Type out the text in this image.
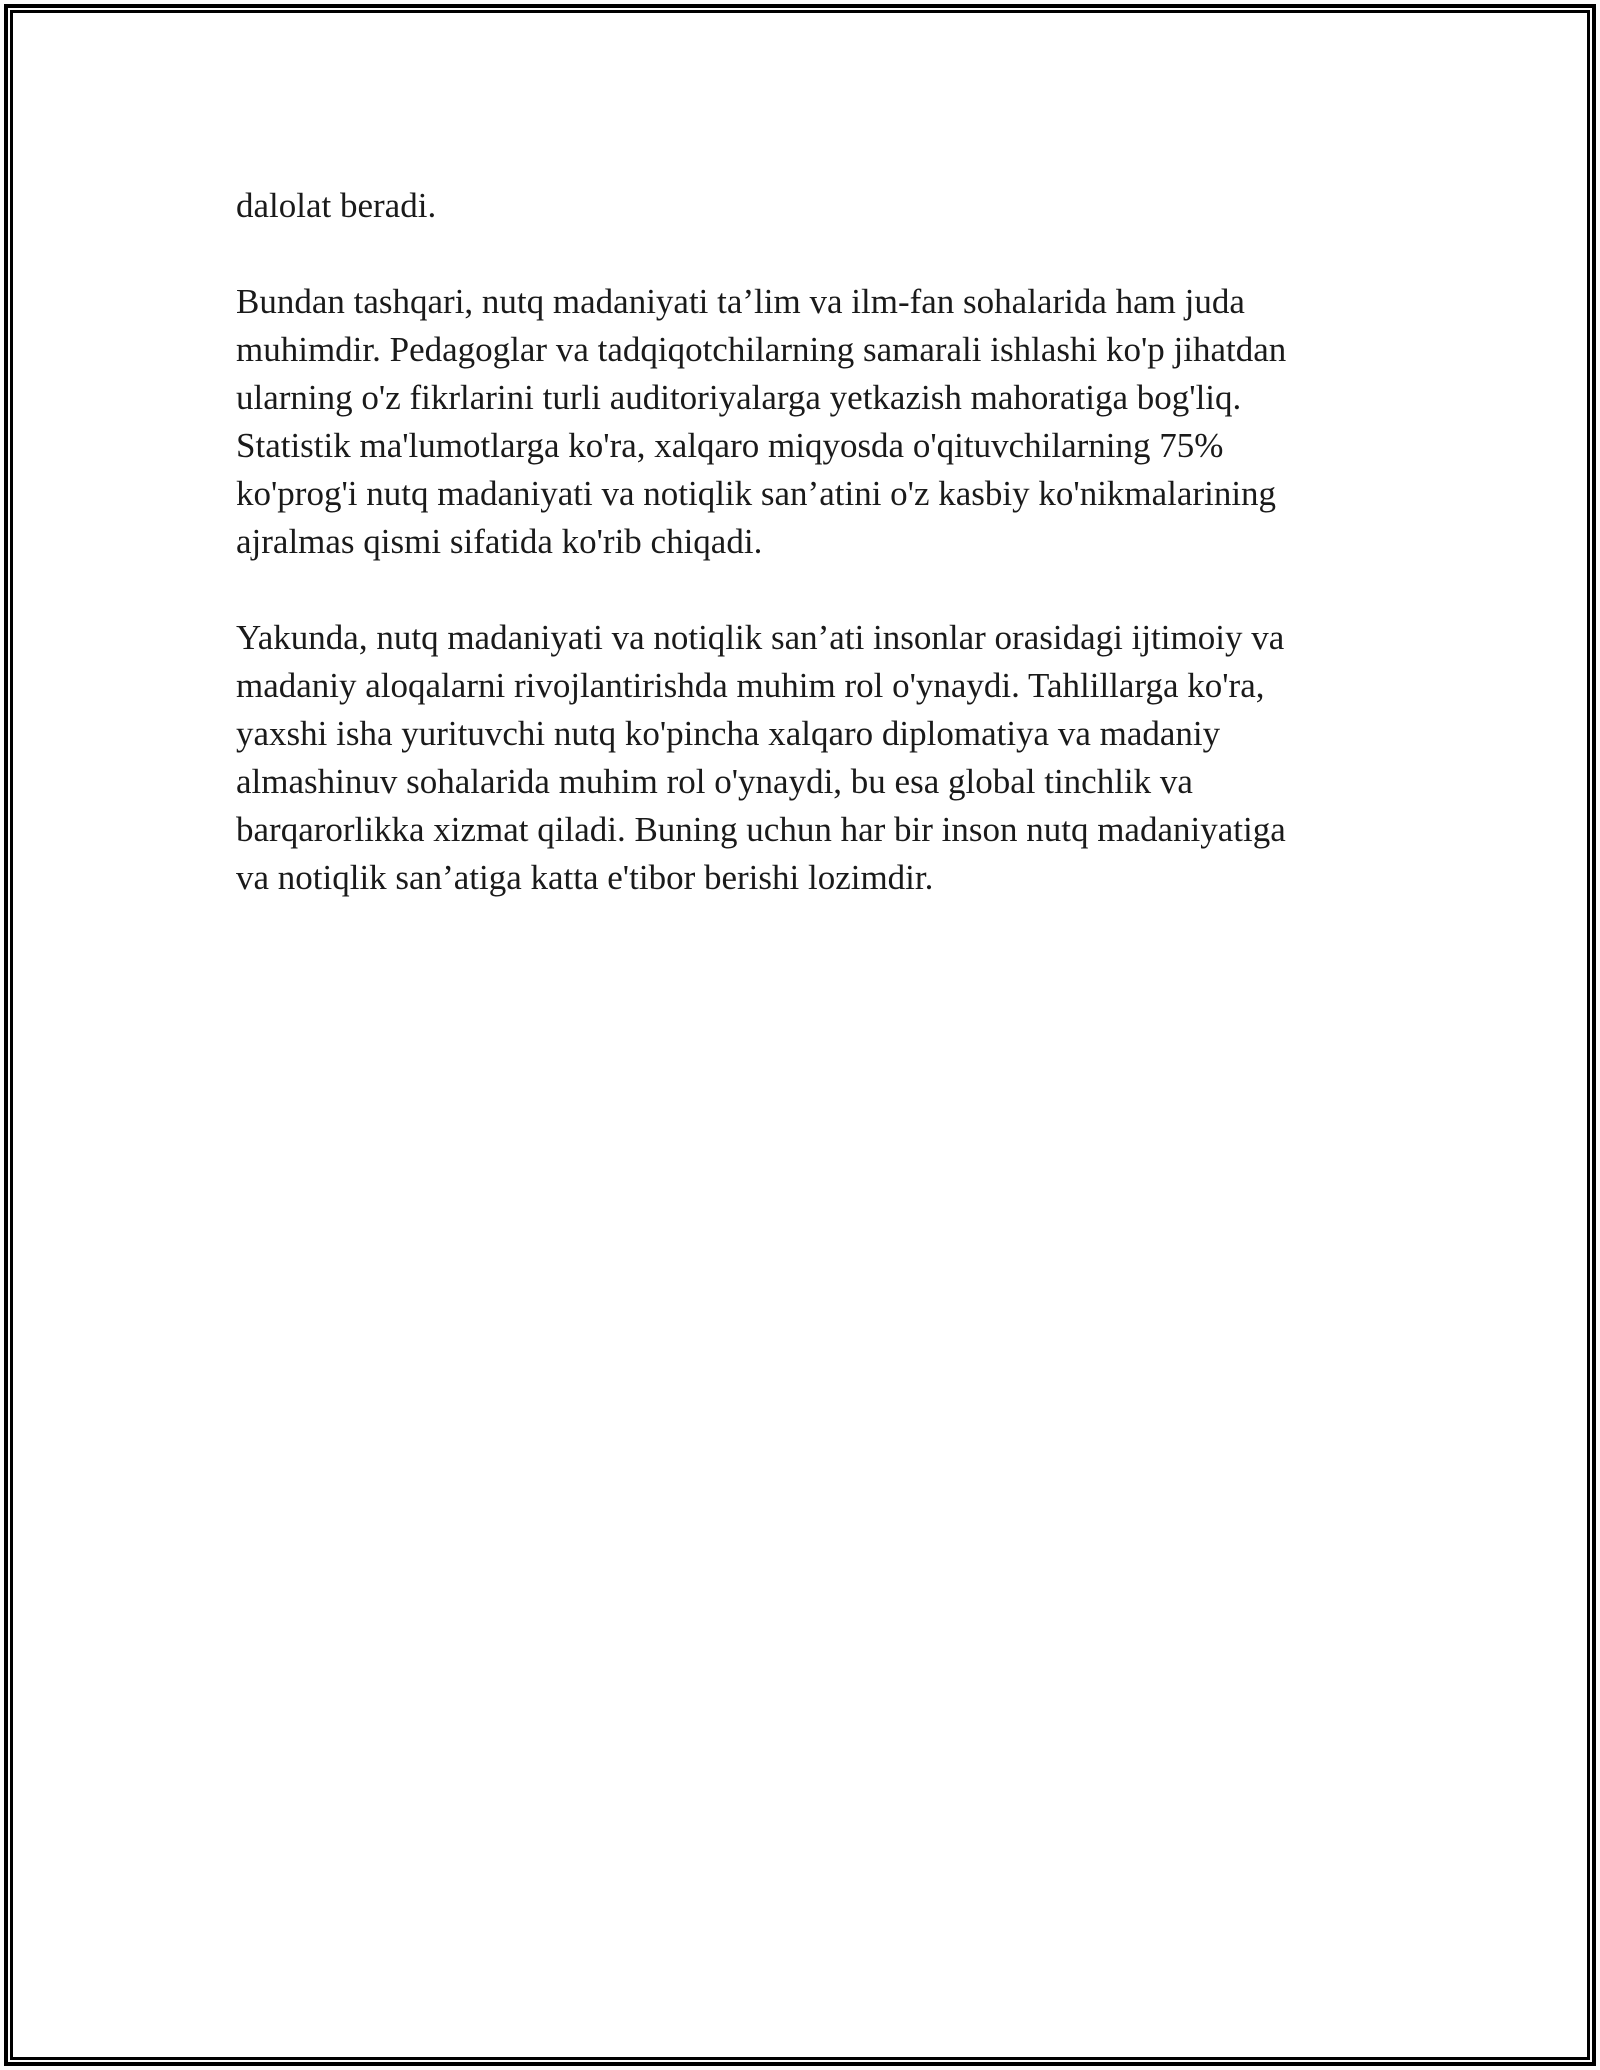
dalolat beradi.

Bundan tashqari, nutq madaniyati ta’lim va ilm-fan sohalarida ham juda
muhimdir. Pedagoglar va tadqiqotchilarning samarali ishlashi ko'p jihatdan
ularning o'z fikrlarini turli auditoriyalarga yetkazish mahoratiga bog'liq.
Statistik ma'lumotlarga ko'ra, xalqaro miqyosda o'qituvchilarning 75%
ko'prog'i nutq madaniyati va notiqlik san’atini o'z kasbiy ko'nikmalarining
ajralmas qismi sifatida ko'rib chiqadi.

Yakunda, nutq madaniyati va notiqlik san’ati insonlar orasidagi ijtimoiy va
madaniy aloqalarni rivojlantirishda muhim rol o'ynaydi. Tahlillarga ko'ra,
yaxshi isha yurituvchi nutq ko'pincha xalqaro diplomatiya va madaniy
almashinuv sohalarida muhim rol o'ynaydi, bu esa global tinchlik va
barqarorlikka xizmat qiladi. Buning uchun har bir inson nutq madaniyatiga
va notiqlik san’atiga katta e'tibor berishi lozimdir.
